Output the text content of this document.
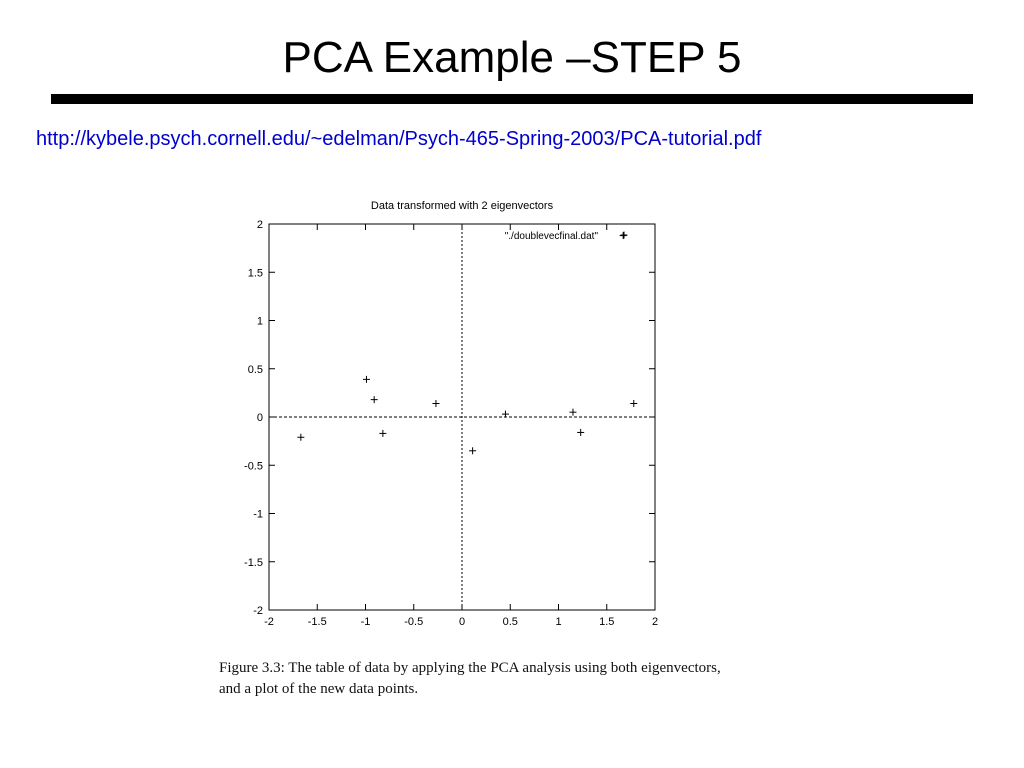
PCA Example –STEP 5
http://kybele.psych.cornell.edu/~edelman/Psych-465-Spring-2003/PCA-tutorial.pdf
Data transformed with 2 eigenvectors
-2	-1.5	-1	-0.5	0	0.5	1	1.5	2
-2
-1.5
-1
-0.5
0
0.5
1
1.5
2
"./doublevecfinal.dat"
Figure 3.3: The table of data by applying the PCA analysis using both eigenvectors,
and a plot of the new data points.
